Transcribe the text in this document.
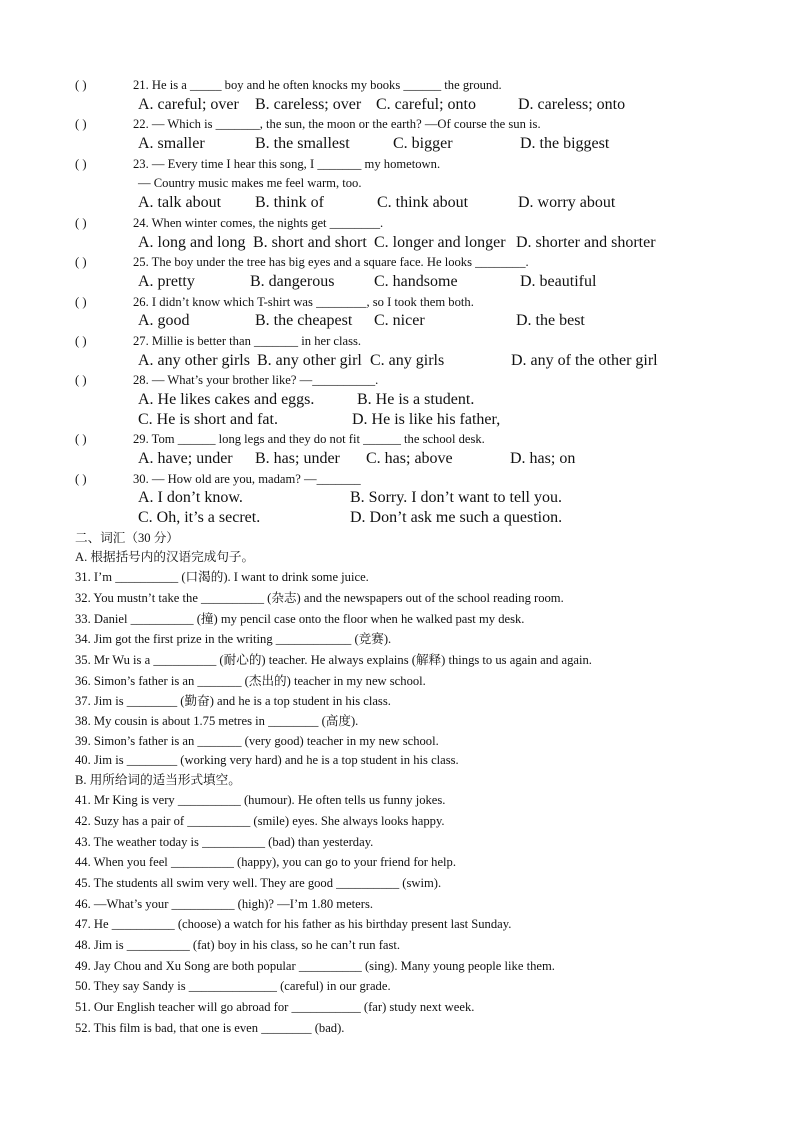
( )	21. He is a _____ boy and he often knocks my books ______ the ground.
A. careful; over B. careless; over C. careful; onto	D. careless; onto
( )	22. — Which is _______, the sun, the moon or the earth? —Of course the sun is.
A. smaller	B. the smallest	C. bigger	D. the biggest
( )	23. — Every time I hear this song, I _______ my hometown.
— Country music makes me feel warm, too.
A. talk about B. think of	C. think about	D. worry about
( )	24. When winter comes, the nights get ________.
A. long and long B. short and short C. longer and longer D. shorter and shorter
( )	25. The boy under the tree has big eyes and a square face. He looks ________.
A. pretty	B. dangerous C. handsome	D. beautiful
( )	26. I didn’t know which T-shirt was ________, so I took them both.
A. good	B. the cheapest C. nicer	D. the best
( )	27. Millie is better than _______ in her class.
A. any other girls B. any other girl C. any girls	D. any of the other girl
( )	28. — What’s your brother like? —__________.
A. He likes cakes and eggs.	B. He is a student.
C. He is short and fat.	D. He is like his father,
( )	29. Tom ______ long legs and they do not fit ______ the school desk.
A. have; under B. has; under C. has; above	D. has; on
( )	30. — How old are you, madam? —_______
A. I don’t know.	B. Sorry. I don’t want to tell you.
C. Oh, it’s a secret.	D. Don’t ask me such a question.
二、词汇（30 分）
A. 根据括号内的汉语完成句子。
31. I’m __________ (口渴的). I want to drink some juice.
32. You mustn’t take the __________ (杂志) and the newspapers out of the school reading room.
33. Daniel __________ (撞) my pencil case onto the floor when he walked past my desk.
34. Jim got the first prize in the writing ____________ (竞赛).
35. Mr Wu is a __________ (耐心的) teacher. He always explains (解释) things to us again and again.
36. Simon’s father is an _______ (杰出的) teacher in my new school.
37. Jim is ________ (勤奋) and he is a top student in his class.
38. My cousin is about 1.75 metres in ________ (高度).
39. Simon’s father is an _______ (very good) teacher in my new school.
40. Jim is ________ (working very hard) and he is a top student in his class.
B. 用所给词的适当形式填空。
41. Mr King is very __________ (humour). He often tells us funny jokes.
42. Suzy has a pair of __________ (smile) eyes. She always looks happy.
43. The weather today is __________ (bad) than yesterday.
44. When you feel __________ (happy), you can go to your friend for help.
45. The students all swim very well. They are good __________ (swim).
46. —What’s your __________ (high)? —I’m 1.80 meters.
47. He __________ (choose) a watch for his father as his birthday present last Sunday.
48. Jim is __________ (fat) boy in his class, so he can’t run fast.
49. Jay Chou and Xu Song are both popular __________ (sing). Many young people like them.
50. They say Sandy is ______________ (careful) in our grade.
51. Our English teacher will go abroad for ___________ (far) study next week.
52. This film is bad, that one is even ________ (bad).
